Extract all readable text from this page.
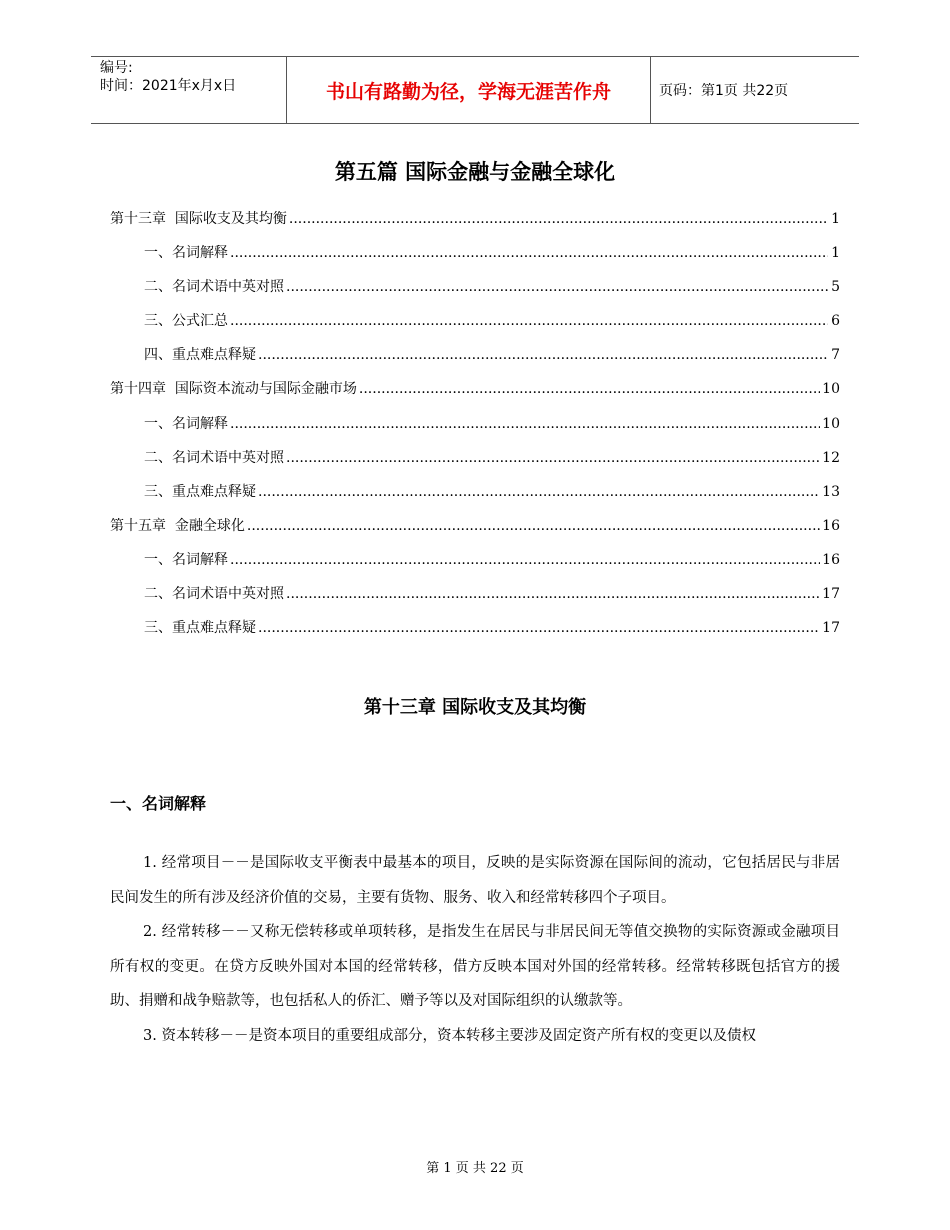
编号:
时间：2021年x月x日	书山有路勤为径，学海无涯苦作舟	页码：第1页 共22页
第五篇 国际金融与金融全球化
第十三章  国际收支及其均衡 .....	1
一、名词解释 .....	1
二、名词术语中英对照 .....	5
三、公式汇总 .....	6
四、重点难点释疑 .....	7
第十四章  国际资本流动与国际金融市场 .....	10
一、名词解释 .....	10
二、名词术语中英对照 .....	12
三、重点难点释疑 .....	13
第十五章  金融全球化 .....	16
一、名词解释 .....	16
二、名词术语中英对照 .....	17
三、重点难点释疑 .....	17
第十三章 国际收支及其均衡
一、名词解释

1. 经常项目－－是国际收支平衡表中最基本的项目，反映的是实际资源在国际间的流动，它包括居民与非居民间发生的所有涉及经济价值的交易，主要有货物、服务、收入和经常转移四个子项目。

2. 经常转移－－又称无偿转移或单项转移，是指发生在居民与非居民间无等值交换物的实际资源或金融项目所有权的变更。在贷方反映外国对本国的经常转移，借方反映本国对外国的经常转移。经常转移既包括官方的援助、捐赠和战争赔款等，也包括私人的侨汇、赠予等以及对国际组织的认缴款等。

3. 资本转移－－是资本项目的重要组成部分，资本转移主要涉及固定资产所有权的变更以及债权

第 1 页 共 22 页
